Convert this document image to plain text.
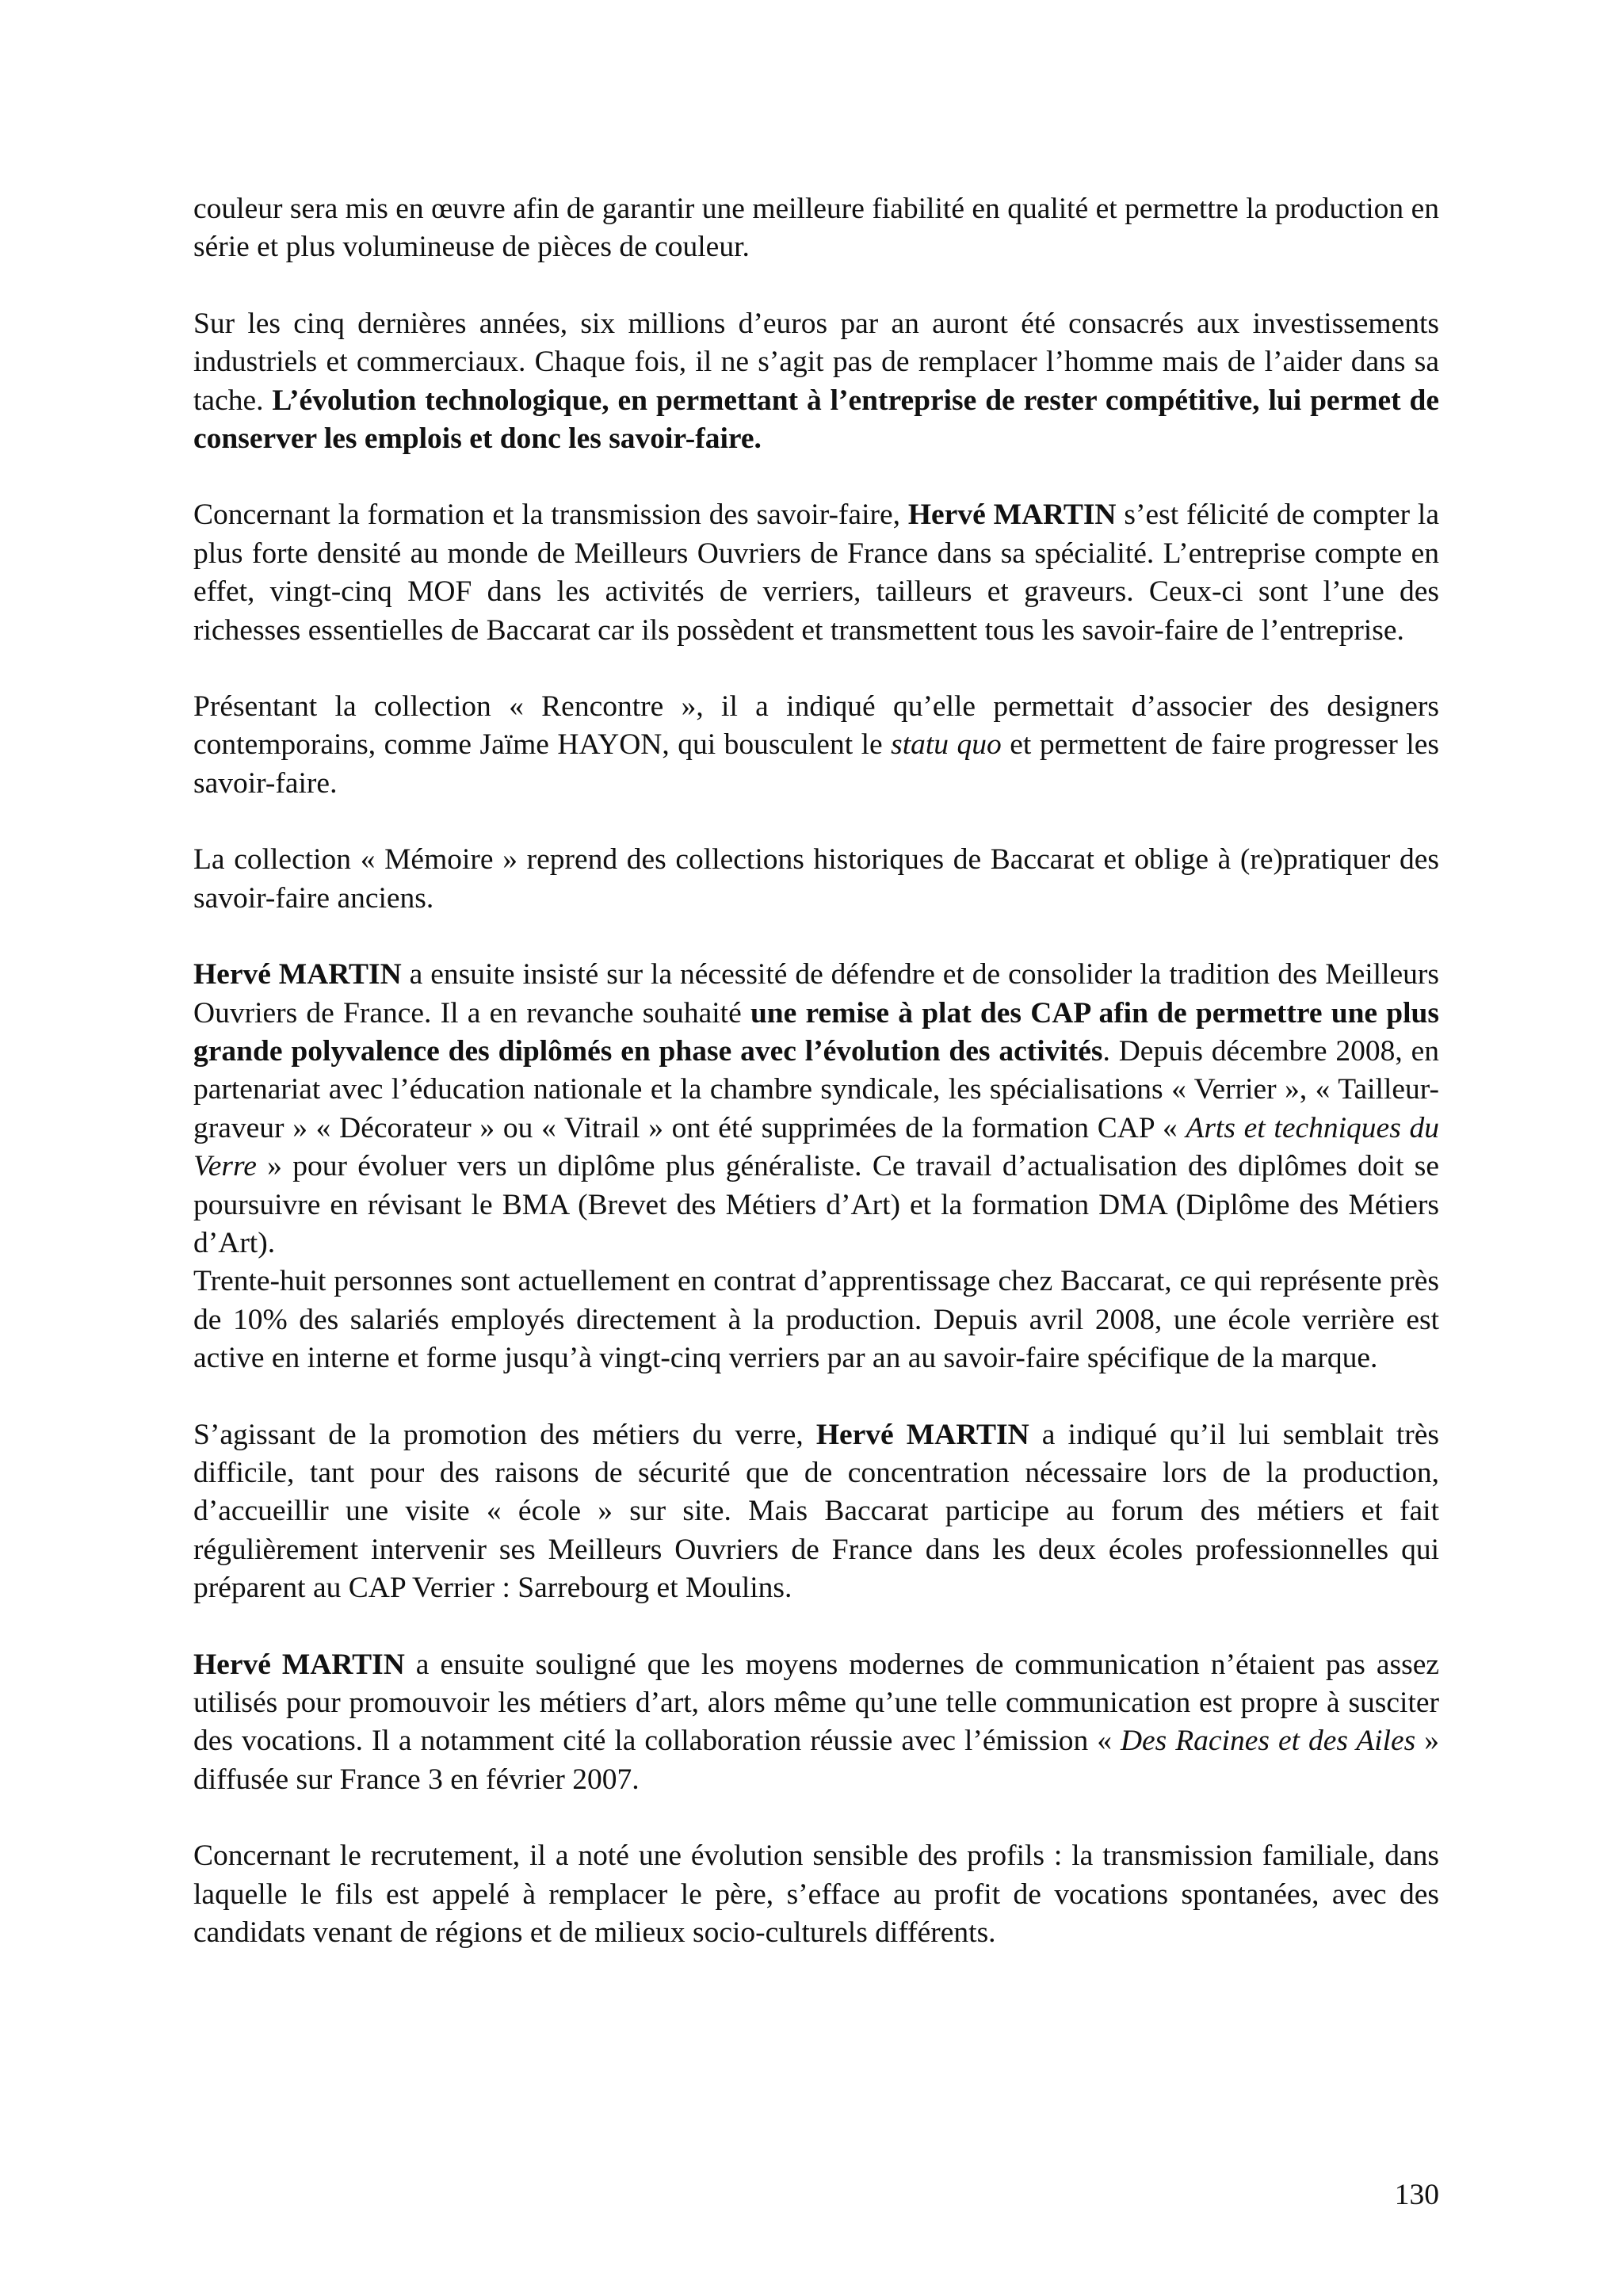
couleur sera mis en œuvre afin de garantir une meilleure fiabilité en qualité et permettre la production en série et plus volumineuse de pièces de couleur.

Sur les cinq dernières années, six millions d’euros par an auront été consacrés aux investissements industriels et commerciaux. Chaque fois, il ne s’agit pas de remplacer l’homme mais de l’aider dans sa tache. L’évolution technologique, en permettant à l’entreprise de rester compétitive, lui permet de conserver les emplois et donc les savoir-faire.

Concernant la formation et la transmission des savoir-faire, Hervé MARTIN s’est félicité de compter la plus forte densité au monde de Meilleurs Ouvriers de France dans sa spécialité. L’entreprise compte en effet, vingt-cinq MOF dans les activités de verriers, tailleurs et graveurs. Ceux-ci sont l’une des richesses essentielles de Baccarat car ils possèdent et transmettent tous les savoir-faire de l’entreprise.

Présentant la collection « Rencontre », il a indiqué qu’elle permettait d’associer des designers contemporains, comme Jaïme HAYON, qui bousculent le statu quo et permettent de faire progresser les savoir-faire.

La collection « Mémoire » reprend des collections historiques de Baccarat et oblige à (re)pratiquer des savoir-faire anciens.

Hervé MARTIN a ensuite insisté sur la nécessité de défendre et de consolider la tradition des Meilleurs Ouvriers de France. Il a en revanche souhaité une remise à plat des CAP afin de permettre une plus grande polyvalence des diplômés en phase avec l’évolution des activités. Depuis décembre 2008, en partenariat avec l’éducation nationale et la chambre syndicale, les spécialisations « Verrier », « Tailleur-graveur » « Décorateur » ou « Vitrail » ont été supprimées de la formation CAP « Arts et techniques du Verre » pour évoluer vers un diplôme plus généraliste. Ce travail d’actualisation des diplômes doit se poursuivre en révisant le BMA (Brevet des Métiers d’Art) et la formation DMA (Diplôme des Métiers d’Art).

Trente-huit personnes sont actuellement en contrat d’apprentissage chez Baccarat, ce qui représente près de 10% des salariés employés directement à la production. Depuis avril 2008, une école verrière est active en interne et forme jusqu’à vingt-cinq verriers par an au savoir-faire spécifique de la marque.

S’agissant de la promotion des métiers du verre, Hervé MARTIN a indiqué qu’il lui semblait très difficile, tant pour des raisons de sécurité que de concentration nécessaire lors de la production, d’accueillir une visite « école » sur site. Mais Baccarat participe au forum des métiers et fait régulièrement intervenir ses Meilleurs Ouvriers de France dans les deux écoles professionnelles qui préparent au CAP Verrier : Sarrebourg et Moulins.

Hervé MARTIN a ensuite souligné que les moyens modernes de communication n’étaient pas assez utilisés pour promouvoir les métiers d’art, alors même qu’une telle communication est propre à susciter des vocations. Il a notamment cité la collaboration réussie avec l’émission « Des Racines et des Ailes » diffusée sur France 3 en février 2007.

Concernant le recrutement, il a noté une évolution sensible des profils : la transmission familiale, dans laquelle le fils est appelé à remplacer le père, s’efface au profit de vocations spontanées, avec des candidats venant de régions et de milieux socio-culturels différents.

130
